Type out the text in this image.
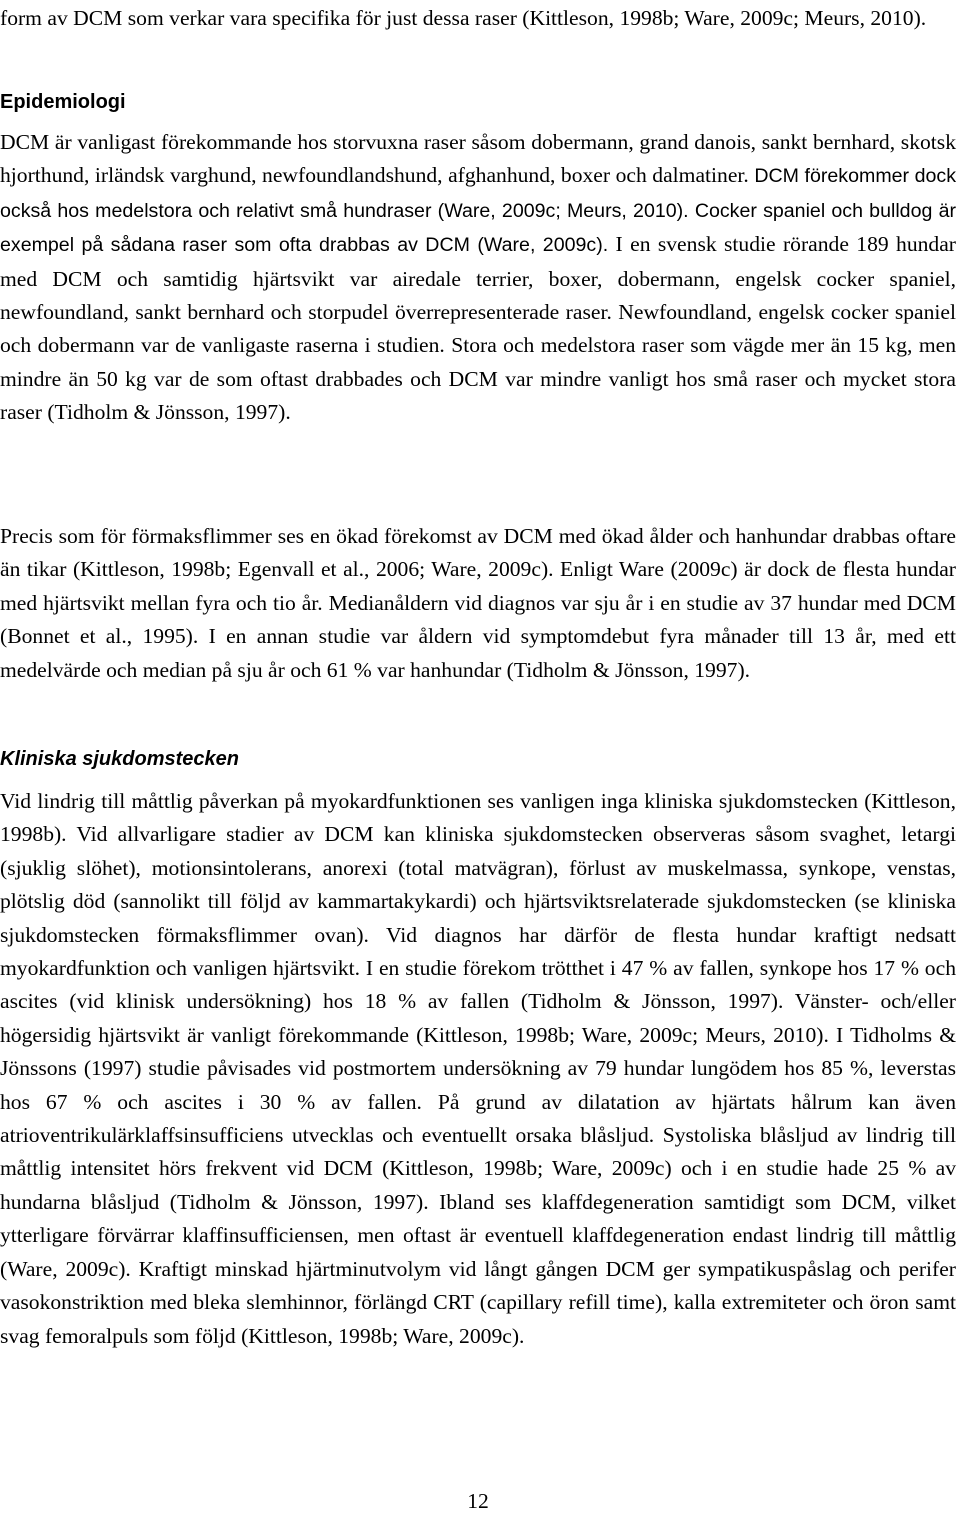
form av DCM som verkar vara specifika för just dessa raser (Kittleson, 1998b; Ware, 2009c; Meurs, 2010).

Epidemiologi

DCM är vanligast förekommande hos storvuxna raser såsom dobermann, grand danois, sankt bernhard, skotsk hjorthund, irländsk varghund, newfoundlandshund, afghanhund, boxer och dalmatiner. DCM förekommer dock också hos medelstora och relativt små hundraser (Ware, 2009c; Meurs, 2010). Cocker spaniel och bulldog är exempel på sådana raser som ofta drabbas av DCM (Ware, 2009c). I en svensk studie rörande 189 hundar med DCM och samtidig hjärtsvikt var airedale terrier, boxer, dobermann, engelsk cocker spaniel, newfoundland, sankt bernhard och storpudel överrepresenterade raser. Newfoundland, engelsk cocker spaniel och dobermann var de vanligaste raserna i studien. Stora och medelstora raser som vägde mer än 15 kg, men mindre än 50 kg var de som oftast drabbades och DCM var mindre vanligt hos små raser och mycket stora raser (Tidholm & Jönsson, 1997).

Precis som för förmaksflimmer ses en ökad förekomst av DCM med ökad ålder och hanhundar drabbas oftare än tikar (Kittleson, 1998b; Egenvall et al., 2006; Ware, 2009c). Enligt Ware (2009c) är dock de flesta hundar med hjärtsvikt mellan fyra och tio år. Medianåldern vid diagnos var sju år i en studie av 37 hundar med DCM (Bonnet et al., 1995). I en annan studie var åldern vid symptomdebut fyra månader till 13 år, med ett medelvärde och median på sju år och 61 % var hanhundar (Tidholm & Jönsson, 1997).

Kliniska sjukdomstecken

Vid lindrig till måttlig påverkan på myokardfunktionen ses vanligen inga kliniska sjukdomstecken (Kittleson, 1998b). Vid allvarligare stadier av DCM kan kliniska sjukdomstecken observeras såsom svaghet, letargi (sjuklig slöhet), motionsintolerans, anorexi (total matvägran), förlust av muskelmassa, synkope, venstas, plötslig död (sannolikt till följd av kammartakykardi) och hjärtsviktsrelaterade sjukdomstecken (se kliniska sjukdomstecken förmaksflimmer ovan). Vid diagnos har därför de flesta hundar kraftigt nedsatt myokardfunktion och vanligen hjärtsvikt. I en studie förekom trötthet i 47 % av fallen, synkope hos 17 % och ascites (vid klinisk undersökning) hos 18 % av fallen (Tidholm & Jönsson, 1997). Vänster- och/eller högersidig hjärtsvikt är vanligt förekommande (Kittleson, 1998b; Ware, 2009c; Meurs, 2010). I Tidholms & Jönssons (1997) studie påvisades vid postmortem undersökning av 79 hundar lungödem hos 85 %, leverstas hos 67 % och ascites i 30 % av fallen. På grund av dilatation av hjärtats hålrum kan även atrioventrikulärklaffsinsufficiens utvecklas och eventuellt orsaka blåsljud. Systoliska blåsljud av lindrig till måttlig intensitet hörs frekvent vid DCM (Kittleson, 1998b; Ware, 2009c) och i en studie hade 25 % av hundarna blåsljud (Tidholm & Jönsson, 1997). Ibland ses klaffdegeneration samtidigt som DCM, vilket ytterligare förvärrar klaffinsufficiensen, men oftast är eventuell klaffdegeneration endast lindrig till måttlig (Ware, 2009c). Kraftigt minskad hjärtminutvolym vid långt gången DCM ger sympatikuspåslag och perifer vasokonstriktion med bleka slemhinnor, förlängd CRT (capillary refill time), kalla extremiteter och öron samt svag femoralpuls som följd (Kittleson, 1998b; Ware, 2009c).

12
